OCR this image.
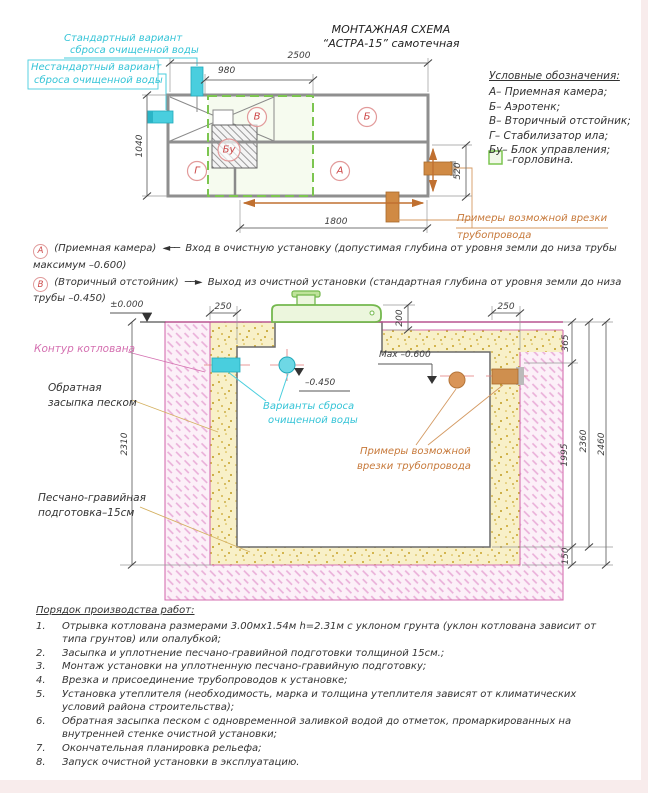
МОНТАЖНАЯ СХЕМА
“АСТРА-15” самотечная
Условные обозначения:
А– Приемная камера;
Б– Аэротенк;
В– Вторичный отстойник;
Г– Стабилизатор ила;
Бу– Блок управления;
–горловина.
Стандартный вариант
сброса очищенной воды
Нестандартный вариант
сброса очищенной воды
В	Б
Бу
Г	А
2500
980
1040
520
1800	Примеры возможной врезки
трубопровода

А (Приемная камера) ◄── Вход в очистную установку (допустимая глубина от уровня земли до низа трубы максимум –0.600)

В (Вторичный отстойник) ──► Выход из очистной установки (стандартная глубина от уровня земли до низа трубы –0.450)

±0.000	250	250
200
Max –0.600
–0.450
Контур котлована
Обратная
засыпка песком
Песчано-гравийная
подготовка–15см
Варианты сброса
очищенной воды
Примеры возможной
врезки трубопровода
2310
365
1995
150
2360 2460
Порядок производства работ:
1.	Отрывка котлована размерами 3.00мх1.54м h=2.31м с уклоном грунта (уклон котлована зависит от типа грунтов) или опалубкой;
2.	Засыпка и уплотнение песчано-гравийной подготовки толщиной 15см.;
3.	Монтаж установки на уплотненную песчано-гравийную подготовку;
4.	Врезка и присоединение трубопроводов к установке;
5.	Установка утеплителя (необходимость, марка и толщина утеплителя зависят от климатических условий района строительства);
6.	Обратная засыпка песком с одновременной заливкой водой до отметок, промаркированных на внутренней стенке очистной установки;
7.	Окончательная планировка рельефа;
8.	Запуск очистной установки в эксплуатацию.
